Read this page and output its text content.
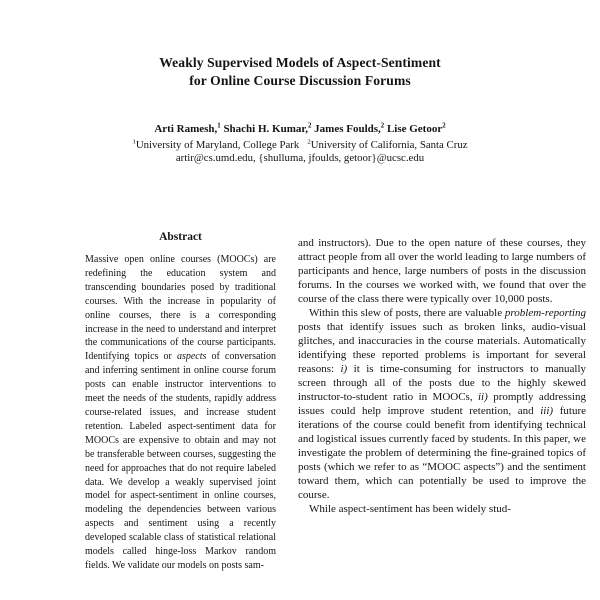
Weakly Supervised Models of Aspect-Sentiment
for Online Course Discussion Forums
Arti Ramesh,$^1$ Shachi H. Kumar,$^2$ James Foulds,$^2$ Lise Getoor$^2$
$^1$University of Maryland, College Park $^2$University of California, Santa Cruz
artir@cs.umd.edu, {shulluma, jfoulds, getoor}@ucsc.edu
Abstract
Massive open online courses (MOOCs) are redefining the education system and transcending boundaries posed by traditional courses. With the increase in popularity of online courses, there is a corresponding increase in the need to understand and interpret the communications of the course participants. Identifying topics or aspects of conversation and inferring sentiment in online course forum posts can enable instructor interventions to meet the needs of the students, rapidly address course-related issues, and increase student retention. Labeled aspect-sentiment data for MOOCs are expensive to obtain and may not be transferable between courses, suggesting the need for approaches that do not require labeled data. We develop a weakly supervised joint model for aspect-sentiment in online courses, modeling the dependencies between various aspects and sentiment using a recently developed scalable class of statistical relational models called hinge-loss Markov random fields. We validate our models on posts sam-

and instructors). Due to the open nature of these courses, they attract people from all over the world leading to large numbers of participants and hence, large numbers of posts in the discussion forums. In the courses we worked with, we found that over the course of the class there were typically over 10,000 posts.

Within this slew of posts, there are valuable problem-reporting posts that identify issues such as broken links, audio-visual glitches, and inaccuracies in the course materials. Automatically identifying these reported problems is important for several reasons: i) it is time-consuming for instructors to manually screen through all of the posts due to the highly skewed instructor-to-student ratio in MOOCs, ii) promptly addressing issues could help improve student retention, and iii) future iterations of the course could benefit from identifying technical and logistical issues currently faced by students. In this paper, we investigate the problem of determining the fine-grained topics of posts (which we refer to as “MOOC aspects”) and the sentiment toward them, which can potentially be used to improve the course.

While aspect-sentiment has been widely stud-
